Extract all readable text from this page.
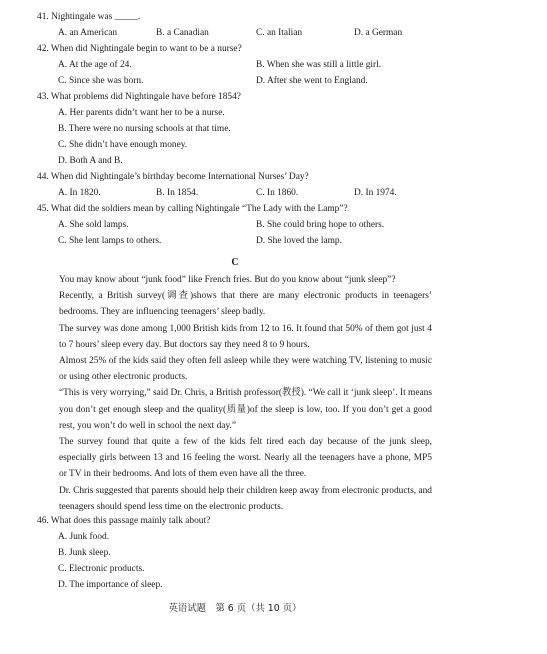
41. Nightingale was _____.
A. an American	B. a Canadian	C. an Italian	D. a German
42. When did Nightingale begin to want to be a nurse?
A. At the age of 24.	B. When she was still a little girl.
C. Since she was born.	D. After she went to England.
43. What problems did Nightingale have before 1854?
A. Her parents didn’t want her to be a nurse.
B. There were no nursing schools at that time.
C. She didn’t have enough money.
D. Both A and B.
44. When did Nightingale’s birthday become International Nurses’ Day?
A. In 1820.	B. In 1854.	C. In 1860.	D. In 1974.
45. What did the soldiers mean by calling Nightingale “The Lady with the Lamp”?
A. She sold lamps.	B. She could bring hope to others.
C. She lent lamps to others.	D. She loved the lamp.
C
You may know about “junk food” like French fries. But do you know about “junk sleep”?
Recently, a British survey(调查)shows that there are many electronic products in teenagers’ bedrooms. They are influencing teenagers’ sleep badly.
The survey was done among 1,000 British kids from 12 to 16. It found that 50% of them got just 4 to 7 hours’ sleep every day. But doctors say they need 8 to 9 hours.
Almost 25% of the kids said they often fell asleep while they were watching TV, listening to music or using other electronic products.
“This is very worrying,” said Dr. Chris, a British professor(教授). “We call it ‘junk sleep’. It means you don’t get enough sleep and the quality(质量)of the sleep is low, too. If you don’t get a good rest, you won’t do well in school the next day.”
The survey found that quite a few of the kids felt tired each day because of the junk sleep, especially girls between 13 and 16 feeling the worst. Nearly all the teenagers have a phone, MP5 or TV in their bedrooms. And lots of them even have all the three.
Dr. Chris suggested that parents should help their children keep away from electronic products, and teenagers should spend less time on the electronic products.
46. What does this passage mainly talk about?
A. Junk food.
B. Junk sleep.
C. Electronic products.
D. The importance of sleep.
英语试题　第 6 页（共 10 页）
